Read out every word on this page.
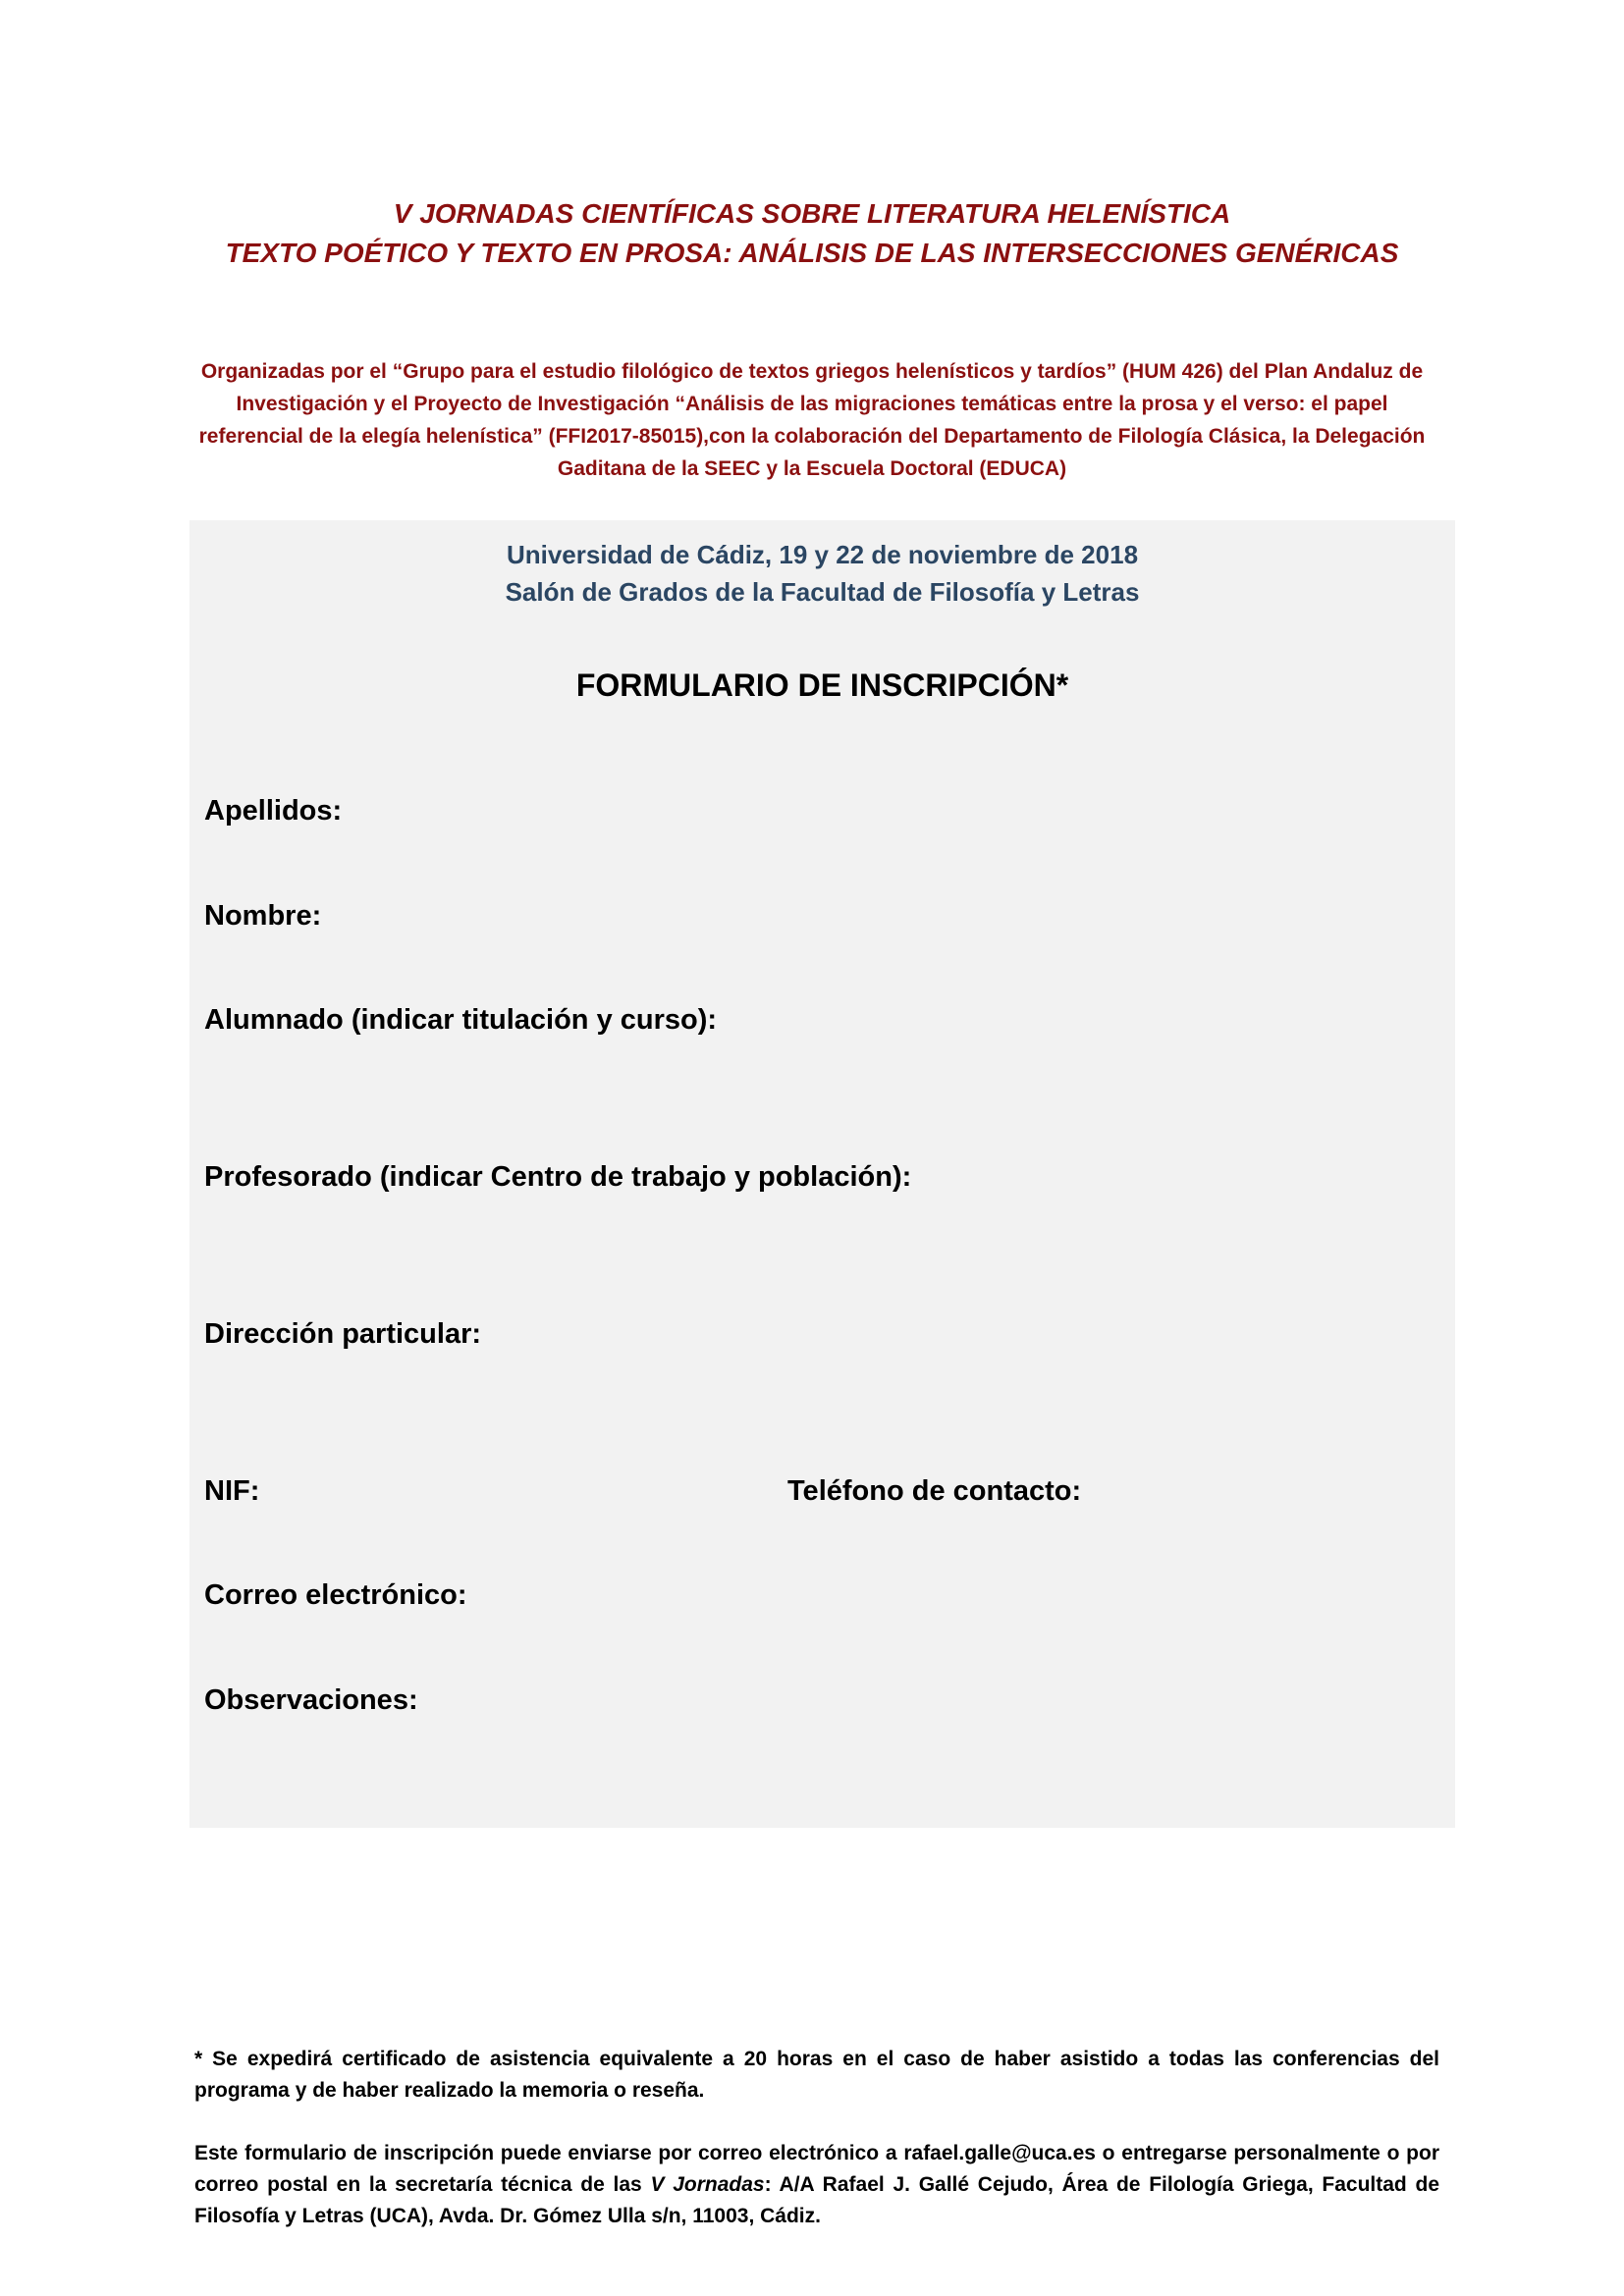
V JORNADAS CIENTÍFICAS SOBRE LITERATURA HELENÍSTICA
TEXTO POÉTICO Y TEXTO EN PROSA: ANÁLISIS DE LAS INTERSECCIONES GENÉRICAS
Organizadas por el “Grupo para el estudio filológico de textos griegos helenísticos y tardíos” (HUM 426) del Plan Andaluz de Investigación y el Proyecto de Investigación “Análisis de las migraciones temáticas entre la prosa y el verso: el papel referencial de la elegía helenística” (FFI2017-85015),con la colaboración del Departamento de Filología Clásica, la Delegación Gaditana de la SEEC y la Escuela Doctoral (EDUCA)
Universidad de Cádiz, 19 y 22 de noviembre de 2018
Salón de Grados de la Facultad de Filosofía y Letras
FORMULARIO DE INSCRIPCIÓN*
Apellidos:
Nombre:
Alumnado (indicar titulación y curso):
Profesorado (indicar Centro de trabajo y población):
Dirección particular:
NIF:	Teléfono de contacto:
Correo electrónico:
Observaciones:
* Se expedirá certificado de asistencia equivalente a 20 horas en el caso de haber asistido a todas las conferencias del programa y de haber realizado la memoria o reseña.
Este formulario de inscripción puede enviarse por correo electrónico a rafael.galle@uca.es o entregarse personalmente o por correo postal en la secretaría técnica de las V Jornadas: A/A Rafael J. Gallé Cejudo, Área de Filología Griega, Facultad de Filosofía y Letras (UCA), Avda. Dr. Gómez Ulla s/n, 11003, Cádiz.
